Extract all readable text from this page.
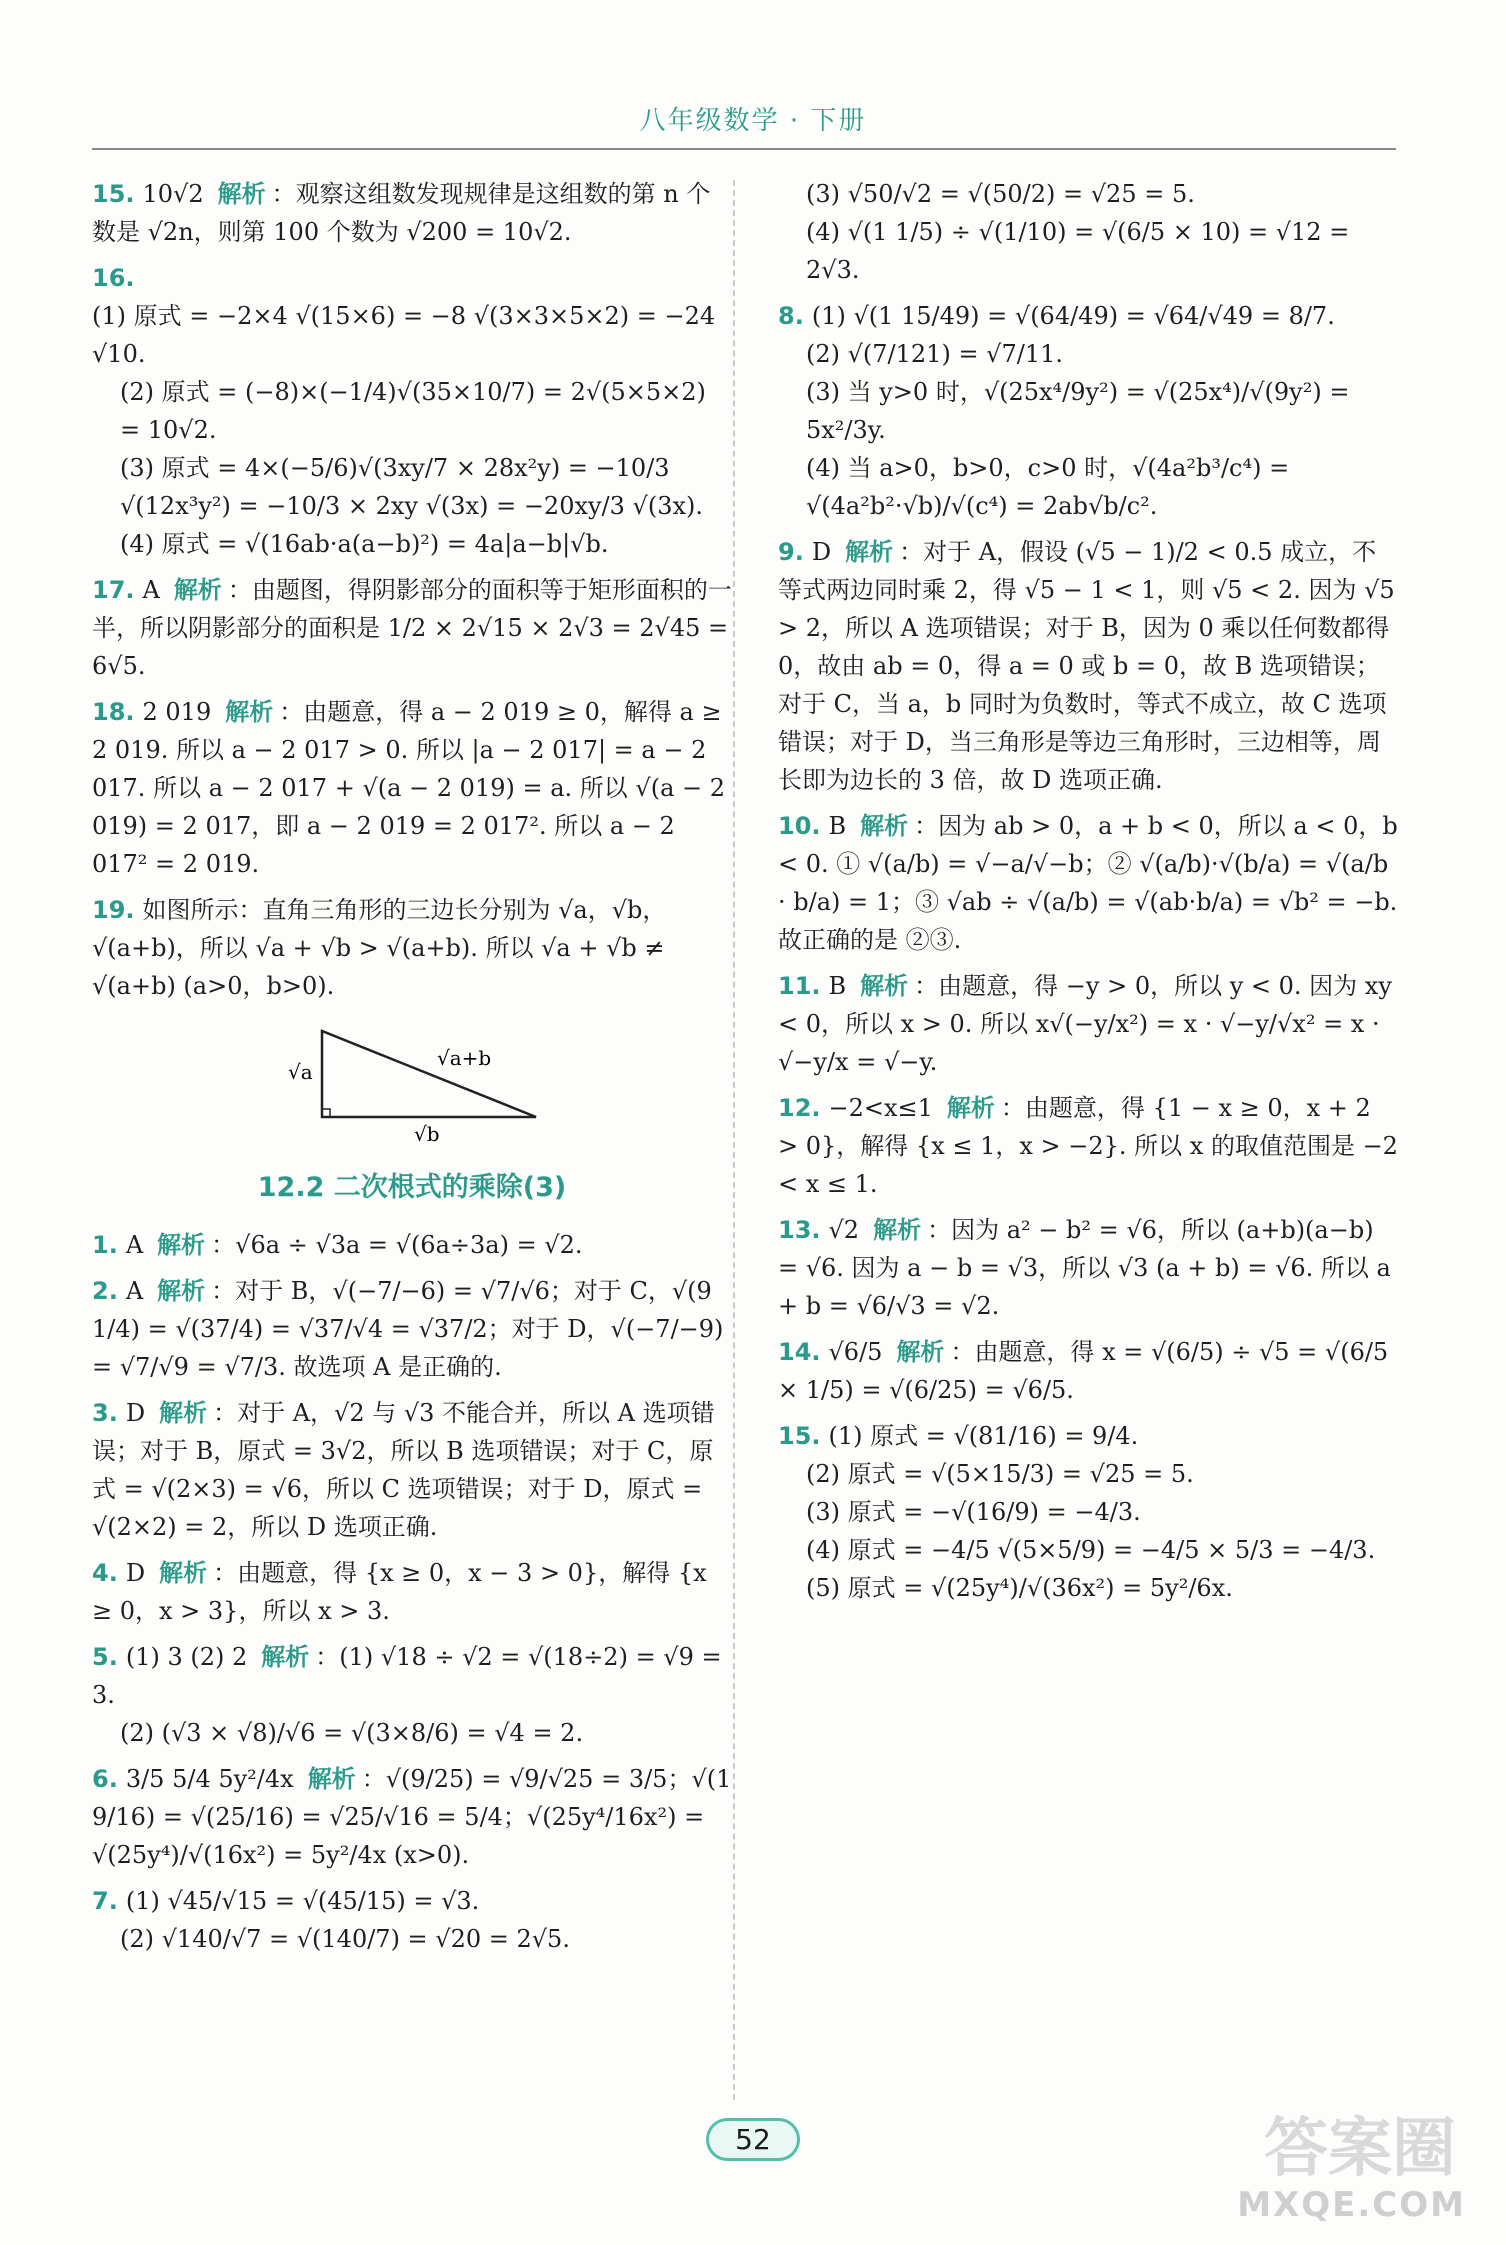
八年级数学 · 下册
15. 10√2 解析 ：观察这组数发现规律是这组数的第 n 个数是 √2n，则第 100 个数为 √200 = 10√2.
16.
(1) 原式 = −2×4 √(15×6) = −8 √(3×3×5×2) = −24 √10.
(2) 原式 = (−8)×(−1/4)√(35×10/7) = 2√(5×5×2) = 10√2.
(3) 原式 = 4×(−5/6)√(3xy/7 × 28x²y) = −10/3 √(12x³y²) = −10/3 × 2xy √(3x) = −20xy/3 √(3x).
(4) 原式 = √(16ab·a(a−b)²) = 4a|a−b|√b.
17. A 解析 ：由题图，得阴影部分的面积等于矩形面积的一半，所以阴影部分的面积是 1/2 × 2√15 × 2√3 = 2√45 = 6√5.
18. 2 019 解析 ：由题意，得 a − 2 019 ≥ 0，解得 a ≥ 2 019. 所以 a − 2 017 > 0. 所以 |a − 2 017| = a − 2 017. 所以 a − 2 017 + √(a − 2 019) = a. 所以 √(a − 2 019) = 2 017，即 a − 2 019 = 2 017². 所以 a − 2 017² = 2 019.
19. 如图所示：直角三角形的三边长分别为 √a，√b，√(a+b)，所以 √a + √b > √(a+b). 所以 √a + √b ≠ √(a+b) (a>0，b>0).
√a+b
√a
√b
12.2 二次根式的乘除(3)
1. A 解析 ：√6a ÷ √3a = √(6a÷3a) = √2.
2. A 解析 ：对于 B，√(−7/−6) = √7/√6；对于 C，√(9 1/4) = √(37/4) = √37/√4 = √37/2；对于 D，√(−7/−9) = √7/√9 = √7/3. 故选项 A 是正确的.
3. D 解析 ：对于 A，√2 与 √3 不能合并，所以 A 选项错误；对于 B，原式 = 3√2，所以 B 选项错误；对于 C，原式 = √(2×3) = √6，所以 C 选项错误；对于 D，原式 = √(2×2) = 2，所以 D 选项正确.
4. D 解析 ：由题意，得 {x ≥ 0，x − 3 > 0}，解得 {x ≥ 0，x > 3}，所以 x > 3.
5. (1) 3 (2) 2 解析 ：(1) √18 ÷ √2 = √(18÷2) = √9 = 3.
(2) (√3 × √8)/√6 = √(3×8/6) = √4 = 2.
6. 3/5 5/4 5y²/4x 解析 ：√(9/25) = √9/√25 = 3/5；√(1 9/16) = √(25/16) = √25/√16 = 5/4；√(25y⁴/16x²) = √(25y⁴)/√(16x²) = 5y²/4x (x>0).
7. (1) √45/√15 = √(45/15) = √3.
(2) √140/√7 = √(140/7) = √20 = 2√5.
(3) √50/√2 = √(50/2) = √25 = 5.
(4) √(1 1/5) ÷ √(1/10) = √(6/5 × 10) = √12 = 2√3.
8. (1) √(1 15/49) = √(64/49) = √64/√49 = 8/7.
(2) √(7/121) = √7/11.
(3) 当 y>0 时，√(25x⁴/9y²) = √(25x⁴)/√(9y²) = 5x²/3y.
(4) 当 a>0，b>0，c>0 时，√(4a²b³/c⁴) = √(4a²b²·√b)/√(c⁴) = 2ab√b/c².
9. D 解析 ：对于 A，假设 (√5 − 1)/2 < 0.5 成立，不等式两边同时乘 2，得 √5 − 1 < 1，则 √5 < 2. 因为 √5 > 2，所以 A 选项错误；对于 B，因为 0 乘以任何数都得 0，故由 ab = 0，得 a = 0 或 b = 0，故 B 选项错误；对于 C，当 a，b 同时为负数时，等式不成立，故 C 选项错误；对于 D，当三角形是等边三角形时，三边相等，周长即为边长的 3 倍，故 D 选项正确.
10. B 解析 ：因为 ab > 0，a + b < 0，所以 a < 0，b < 0. ① √(a/b) = √−a/√−b；② √(a/b)·√(b/a) = √(a/b · b/a) = 1；③ √ab ÷ √(a/b) = √(ab·b/a) = √b² = −b. 故正确的是 ②③.
11. B 解析 ：由题意，得 −y > 0，所以 y < 0. 因为 xy < 0，所以 x > 0. 所以 x√(−y/x²) = x · √−y/√x² = x · √−y/x = √−y.
12. −2<x≤1 解析 ：由题意，得 {1 − x ≥ 0，x + 2 > 0}，解得 {x ≤ 1，x > −2}. 所以 x 的取值范围是 −2 < x ≤ 1.
13. √2 解析 ：因为 a² − b² = √6，所以 (a+b)(a−b) = √6. 因为 a − b = √3，所以 √3 (a + b) = √6. 所以 a + b = √6/√3 = √2.
14. √6/5 解析 ：由题意，得 x = √(6/5) ÷ √5 = √(6/5 × 1/5) = √(6/25) = √6/5.
15. (1) 原式 = √(81/16) = 9/4.
(2) 原式 = √(5×15/3) = √25 = 5.
(3) 原式 = −√(16/9) = −4/3.
(4) 原式 = −4/5 √(5×5/9) = −4/5 × 5/3 = −4/3.
(5) 原式 = √(25y⁴)/√(36x²) = 5y²/6x.
52	答案圈
MXQE.COM
